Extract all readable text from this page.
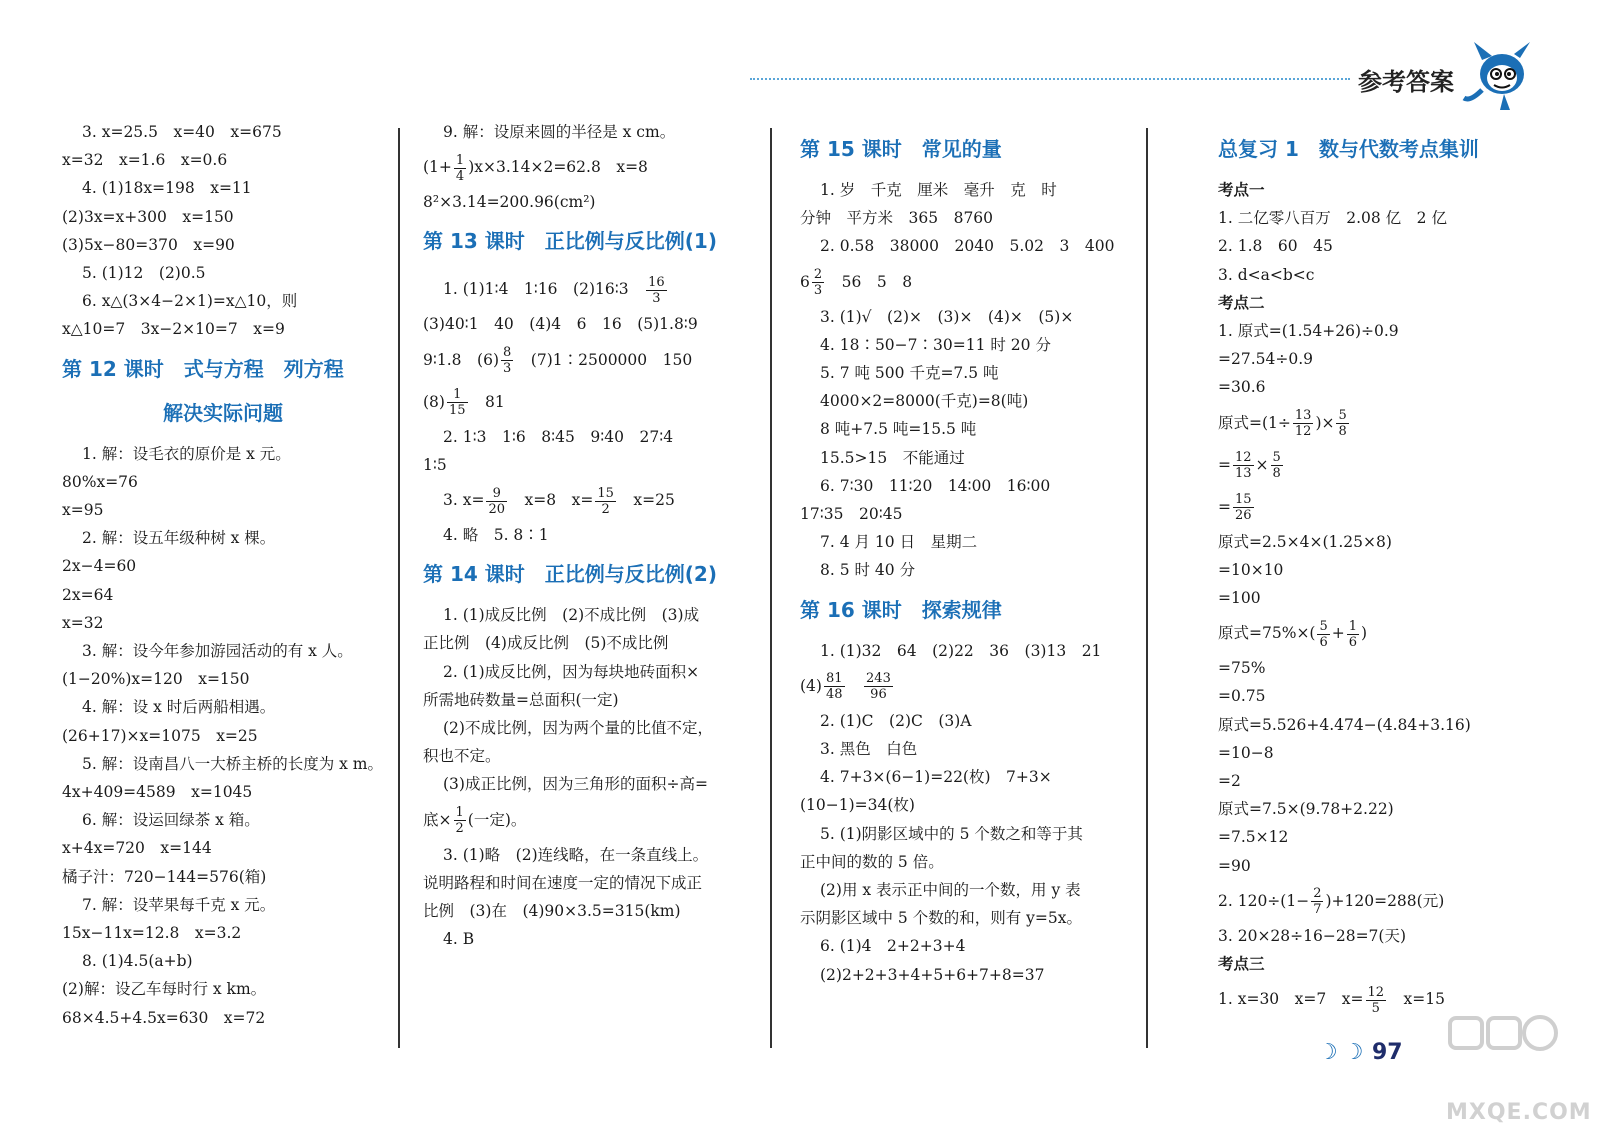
参考答案
3. x=25.5　x=40　x=675
x=32　x=1.6　x=0.6
4. (1)18x=198　x=11
(2)3x=x+300　x=150
(3)5x−80=370　x=90
5. (1)12　(2)0.5
6. x△(3×4−2×1)=x△10，则
x△10=7　3x−2×10=7　x=9
第 12 课时　式与方程　列方程
解决实际问题
1. 解：设毛衣的原价是 x 元。
80%x=76
x=95
2. 解：设五年级种树 x 棵。
2x−4=60
2x=64
x=32
3. 解：设今年参加游园活动的有 x 人。
(1−20%)x=120　x=150
4. 解：设 x 时后两船相遇。
(26+17)×x=1075　x=25
5. 解：设南昌八一大桥主桥的长度为 x m。
4x+409=4589　x=1045
6. 解：设运回绿茶 x 箱。
x+4x=720　x=144
橘子汁：720−144=576(箱)
7. 解：设苹果每千克 x 元。
15x−11x=12.8　x=3.2
8. (1)4.5(a+b)
(2)解：设乙车每时行 x km。
68×4.5+4.5x=630　x=72
9. 解：设原来圆的半径是 x cm。
$(1+ \frac{1}{4} )x\times 3.14\times 2=62.8$　x=8
8²×3.14=200.96(cm²)
第 13 课时　正比例与反比例(1)
1. (1)1∶4　1∶16　(2)16∶3　 $\frac{16}{3}$
(3)40∶1　40　(4)4　6　16　(5)1.8∶9
9∶1.8　$(6) \frac{8}{3}$ 　(7)1∶2500000　150
$(8) \frac{1}{15}$ 　81
2. 1∶3　1∶6　8∶45　9∶40　27∶4
1∶5
3. $x= \frac{9}{20}$ 　x=8　$x= \frac{15}{2}$ 　x=25
4. 略　5. 8∶1
第 14 课时　正比例与反比例(2)
1. (1)成反比例　(2)不成比例　(3)成
正比例　(4)成反比例　(5)不成比例
2. (1)成反比例，因为每块地砖面积×
所需地砖数量=总面积(一定)
(2)不成比例，因为两个量的比值不定，
积也不定。
(3)成正比例，因为三角形的面积÷高=
底× $\frac{1}{2}$ (一定)。
3. (1)略　(2)连线略，在一条直线上。
说明路程和时间在速度一定的情况下成正
比例　(3)在　(4)90×3.5=315(km)
4. B
第 15 课时　常见的量
1. 岁　千克　厘米　毫升　克　时
分钟　平方米　365　8760
2. 0.58　38000　2040　5.02　3　400
$6 \frac{2}{3}$ 　56　5　8
3. (1)√　(2)×　(3)×　(4)×　(5)×
4. 18∶50−7∶30=11 时 20 分
5. 7 吨 500 千克=7.5 吨
4000×2=8000(千克)=8(吨)
8 吨+7.5 吨=15.5 吨
15.5>15　不能通过
6. 7∶30　11∶20　14∶00　16∶00
17∶35　20∶45
7. 4 月 10 日　星期二
8. 5 时 40 分
第 16 课时　探索规律
1. (1)32　64　(2)22　36　(3)13　21
$(4) \frac{81}{48}$
　 $\frac{243}{96}$
2. (1)C　(2)C　(3)A
3. 黑色　白色
4. 7+3×(6−1)=22(枚)　7+3×
(10−1)=34(枚)
5. (1)阴影区域中的 5 个数之和等于其
正中间的数的 5 倍。
(2)用 x 表示正中间的一个数，用 y 表
示阴影区域中 5 个数的和，则有 y=5x。
6. (1)4　2+2+3+4
(2)2+2+3+4+5+6+7+8=37
总复习 1　数与代数考点集训
考点一
1. 二亿零八百万　2.08 亿　2 亿
2. 1.8　60　45
3. d<a<b<c
考点二
1. 原式=(1.54+26)÷0.9
=27.54÷0.9
=30.6
原式$=(1\div \frac{13}{12}$ )× $\frac{5}{8}$
= $\frac{12}{13} \times \frac{5}{8}$
= $\frac{15}{26}$
原式=2.5×4×(1.25×8)
=10×10
=100
原式$=75\%\times( \frac{5}{6} + \frac{1}{6}$ )
=75%
=0.75
原式=5.526+4.474−(4.84+3.16)
=10−8
=2
原式=7.5×(9.78+2.22)
=7.5×12
=90
2. $120\div(1- \frac{2}{7} )+120=288$(元)
3. 20×28÷16−28=7(天)
考点三
1. x=30　x=7　$x= \frac{12}{5}$ 　x=15
☽☽ 97
MXQE.COM
